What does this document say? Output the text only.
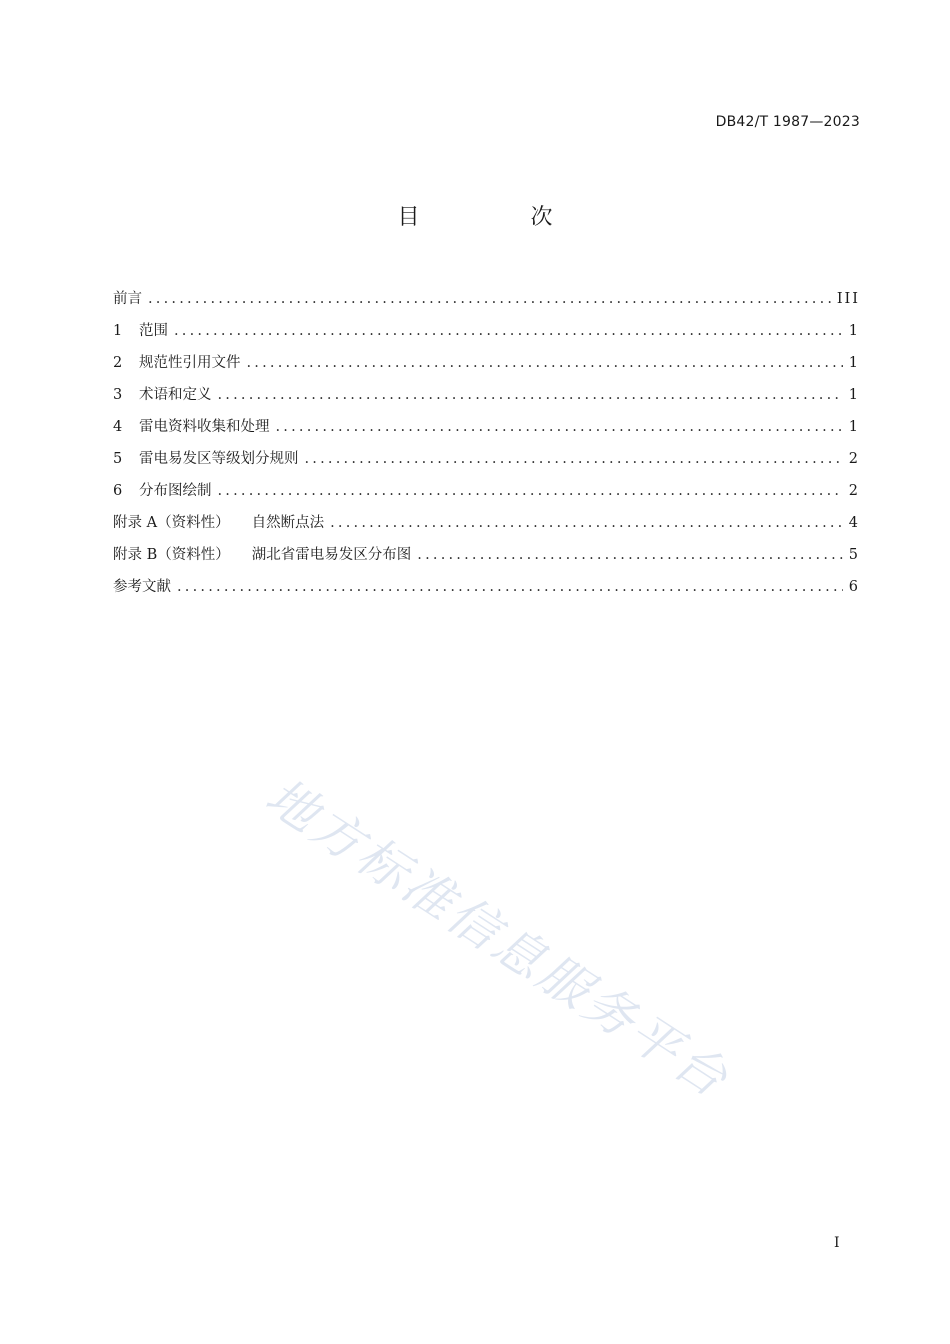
DB42/T 1987—2023
目 次
前言 .....	III
1	范围 .....	1
2	规范性引用文件 .....	1
3	术语和定义 .....	1
4	雷电资料收集和处理 .....	1
5	雷电易发区等级划分规则 .....	2
6	分布图绘制 .....	2
附录 A（资料性） 自然断点法 .....	4
附录 B（资料性） 湖北省雷电易发区分布图 .....	5
参考文献 .....	6
地方标准信息服务平台
I
